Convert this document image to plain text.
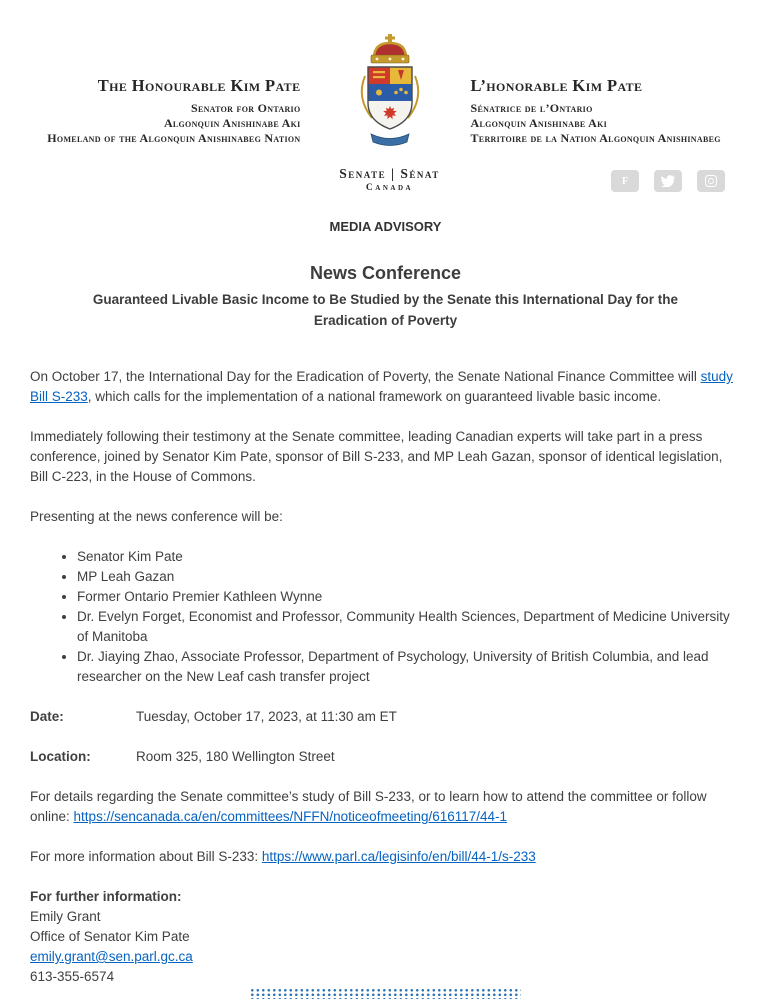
The Honourable Kim Pate
Senator for Ontario
Algonquin Anishinabe Aki
Homeland of the Algonquin Anishinabeg Nation
Senate | Sénat
Canada
L’honorable Kim Pate
Sénatrice de l’Ontario
Algonquin Anishinabe Aki
Territoire de la Nation Algonquin Anishinabeg
f
MEDIA ADVISORY
News Conference
Guaranteed Livable Basic Income to Be Studied by the Senate this International Day for the Eradication of Poverty

On October 17, the International Day for the Eradication of Poverty, the Senate National Finance Committee will study Bill S-233, which calls for the implementation of a national framework on guaranteed livable basic income.

Immediately following their testimony at the Senate committee, leading Canadian experts will take part in a press conference, joined by Senator Kim Pate, sponsor of Bill S-233, and MP Leah Gazan, sponsor of identical legislation, Bill C-223, in the House of Commons.

Presenting at the news conference will be:

• Senator Kim Pate
• MP Leah Gazan
• Former Ontario Premier Kathleen Wynne
• Dr. Evelyn Forget, Economist and Professor, Community Health Sciences, Department of Medicine University of Manitoba
• Dr. Jiaying Zhao, Associate Professor, Department of Psychology, University of British Columbia, and lead researcher on the New Leaf cash transfer project
Date:	Tuesday, October 17, 2023, at 11:30 am ET
Location:	Room 325, 180 Wellington Street

For details regarding the Senate committee’s study of Bill S-233, or to learn how to attend the committee or follow online: https://sencanada.ca/en/committees/NFFN/noticeofmeeting/616117/44-1

For more information about Bill S-233: https://www.parl.ca/legisinfo/en/bill/44-1/s-233

For further information:
Emily Grant
Office of Senator Kim Pate
emily.grant@sen.parl.gc.ca
613-355-6574
